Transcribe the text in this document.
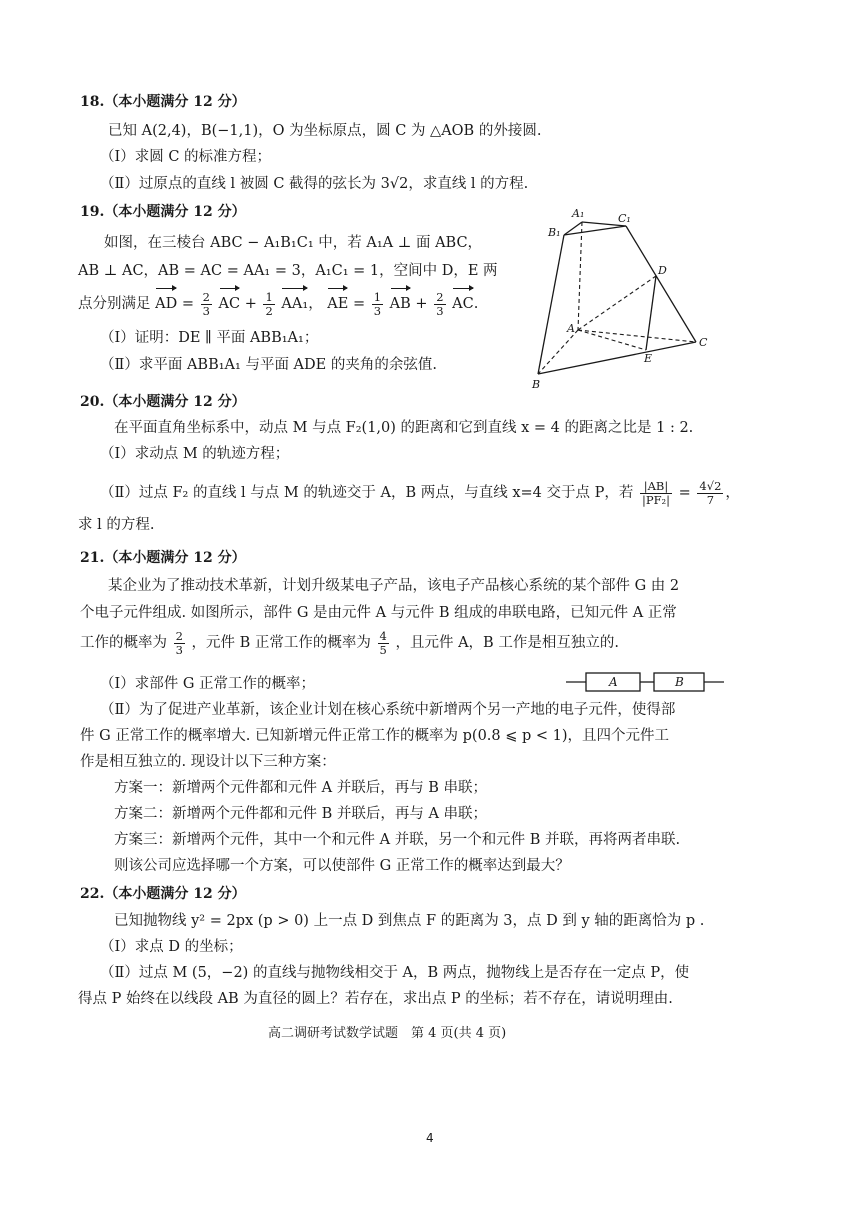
18.（本小题满分 12 分）
已知 A(2,4)，B(−1,1)，O 为坐标原点，圆 C 为 △AOB 的外接圆.
（Ⅰ）求圆 C 的标准方程；
（Ⅱ）过原点的直线 l 被圆 C 截得的弦长为 3√2，求直线 l 的方程.
19.（本小题满分 12 分）
如图，在三棱台 ABC − A₁B₁C₁ 中，若 A₁A ⊥ 面 ABC，
AB ⊥ AC，AB = AC = AA₁ = 3，A₁C₁ = 1，空间中 D，E 两
点分别满足 AD = $\frac{2}{3}$ AC + $\frac{1}{2} AA_1$， AE = $\frac{1}{3}$ AB + $\frac{2}{3}$ AC.
（Ⅰ）证明：DE ∥ 平面 ABB₁A₁；
（Ⅱ）求平面 ABB₁A₁ 与平面 ADE 的夹角的余弦值.
A₁	C₁
B₁
D
A
E
C
B
20.（本小题满分 12 分）
在平面直角坐标系中，动点 M 与点 F₂(1,0) 的距离和它到直线 x = 4 的距离之比是 1 : 2.
（Ⅰ）求动点 M 的轨迹方程；
（Ⅱ）过点 F₂ 的直线 l 与点 M 的轨迹交于 A，B 两点，与直线 x=4 交于点 P，若 $\frac{|AB|}{\text{|PF₂|}} = \frac{4√2}{7}$ ，
求 l 的方程.
21.（本小题满分 12 分）
某企业为了推动技术革新，计划升级某电子产品，该电子产品核心系统的某个部件 G 由 2
个电子元件组成. 如图所示，部件 G 是由元件 A 与元件 B 组成的串联电路，已知元件 A 正常
工作的概率为 $\frac{2}{3}$ ，元件 B 正常工作的概率为 $\frac{4}{5}$ ，且元件 A，B 工作是相互独立的.
（Ⅰ）求部件 G 正常工作的概率；	A	B
（Ⅱ）为了促进产业革新，该企业计划在核心系统中新增两个另一产地的电子元件，使得部
件 G 正常工作的概率增大. 已知新增元件正常工作的概率为 p(0.8 ⩽ p < 1)，且四个元件工
作是相互独立的. 现设计以下三种方案：
方案一：新增两个元件都和元件 A 并联后，再与 B 串联；
方案二：新增两个元件都和元件 B 并联后，再与 A 串联；
方案三：新增两个元件，其中一个和元件 A 并联，另一个和元件 B 并联，再将两者串联.
则该公司应选择哪一个方案，可以使部件 G 正常工作的概率达到最大？
22.（本小题满分 12 分）
已知抛物线 y² = 2px (p > 0) 上一点 D 到焦点 F 的距离为 3，点 D 到 y 轴的距离恰为 p .
（Ⅰ）求点 D 的坐标；
（Ⅱ）过点 M (5，−2) 的直线与抛物线相交于 A，B 两点，抛物线上是否存在一定点 P，使
得点 P 始终在以线段 AB 为直径的圆上？若存在，求出点 P 的坐标；若不存在，请说明理由.
高二调研考试数学试题　第 4 页(共 4 页)
4
